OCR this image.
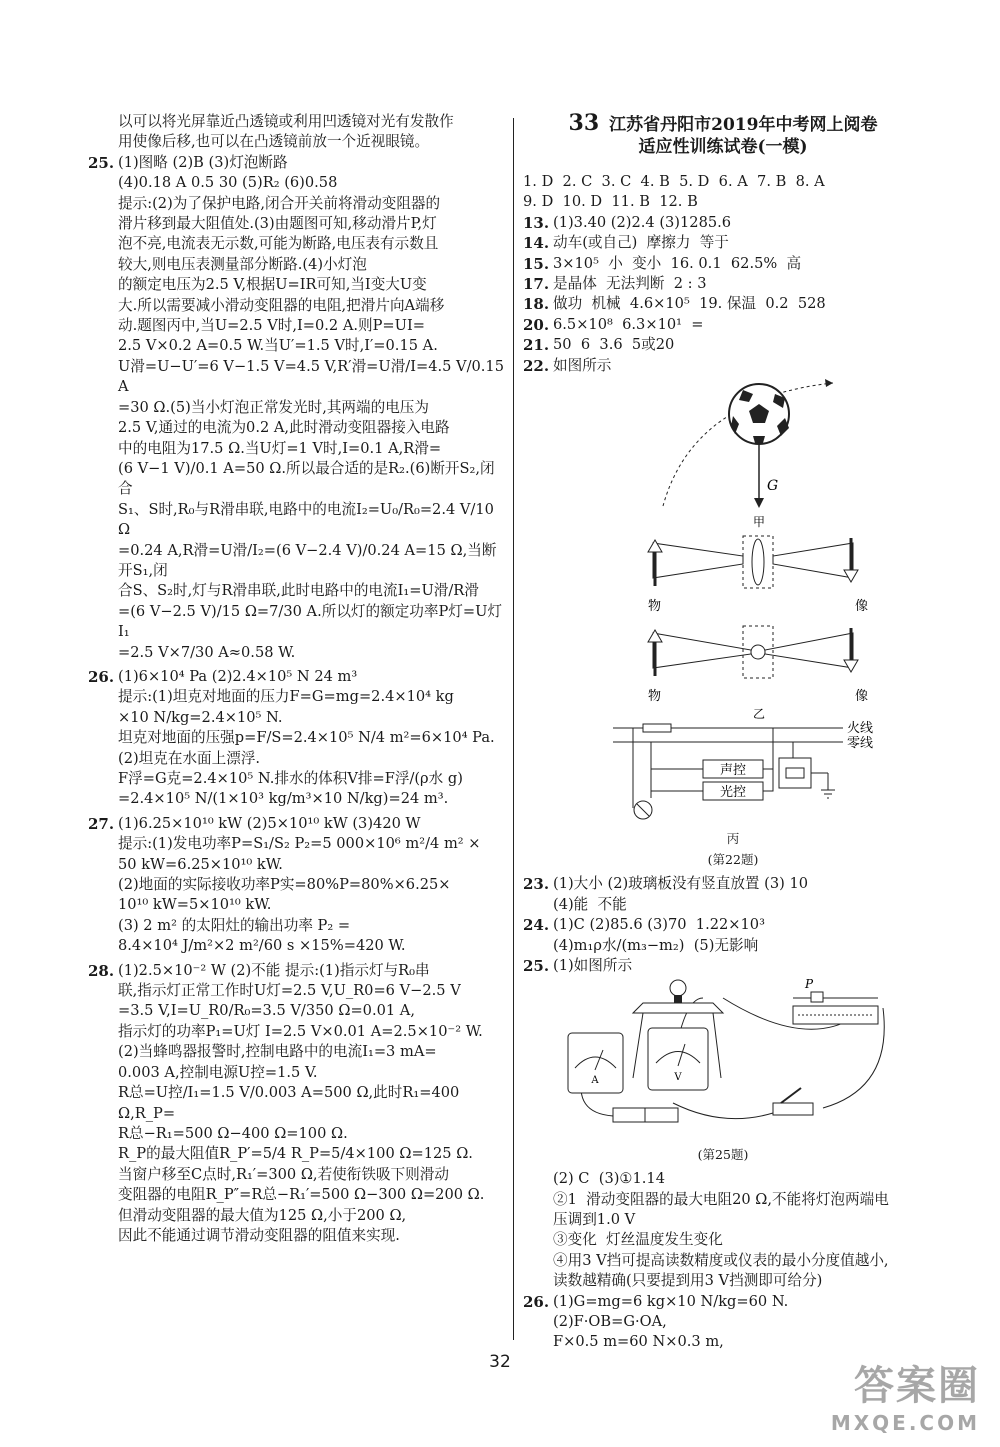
以可以将光屏靠近凸透镜或利用凹透镜对光有发散作
用使像后移,也可以在凸透镜前放一个近视眼镜。
25. (1)图略 (2)B (3)灯泡断路
(4)0.18 A 0.5 30 (5)R₂ (6)0.58
提示:(2)为了保护电路,闭合开关前将滑动变阻器的
滑片移到最大阻值处.(3)由题图可知,移动滑片P,灯
泡不亮,电流表无示数,可能为断路,电压表有示数且
较大,则电压表测量部分断路.(4)小灯泡
的额定电压为2.5 V,根据U=IR可知,当I变大U变
大.所以需要减小滑动变阻器的电阻,把滑片向A端移
动.题图丙中,当U=2.5 V时,I=0.2 A.则P=UI=
2.5 V×0.2 A=0.5 W.当U′=1.5 V时,I′=0.15 A.
U滑=U−U′=6 V−1.5 V=4.5 V,R′滑=U滑/I=4.5 V/0.15 A
=30 Ω.(5)当小灯泡正常发光时,其两端的电压为
2.5 V,通过的电流为0.2 A,此时滑动变阻器接入电路
中的电阻为17.5 Ω.当U灯=1 V时,I=0.1 A,R滑=
(6 V−1 V)/0.1 A=50 Ω.所以最合适的是R₂.(6)断开S₂,闭合
S₁、S时,R₀与R滑串联,电路中的电流I₂=U₀/R₀=2.4 V/10 Ω
=0.24 A,R滑=U滑/I₂=(6 V−2.4 V)/0.24 A=15 Ω,当断开S₁,闭
合S、S₂时,灯与R滑串联,此时电路中的电流I₁=U滑/R滑
=(6 V−2.5 V)/15 Ω=7/30 A.所以灯的额定功率P灯=U灯I₁
=2.5 V×7/30 A≈0.58 W.
26. (1)6×10⁴ Pa (2)2.4×10⁵ N 24 m³
提示:(1)坦克对地面的压力F=G=mg=2.4×10⁴ kg
×10 N/kg=2.4×10⁵ N.
坦克对地面的压强p=F/S=2.4×10⁵ N/4 m²=6×10⁴ Pa.
(2)坦克在水面上漂浮.
F浮=G克=2.4×10⁵ N.排水的体积V排=F浮/(ρ水 g)
=2.4×10⁵ N/(1×10³ kg/m³×10 N/kg)=24 m³.
27. (1)6.25×10¹⁰ kW (2)5×10¹⁰ kW (3)420 W
提示:(1)发电功率P=S₁/S₂ P₂=5 000×10⁶ m²/4 m² ×
50 kW=6.25×10¹⁰ kW.
(2)地面的实际接收功率P实=80%P=80%×6.25×
10¹⁰ kW=5×10¹⁰ kW.
(3) 2 m² 的太阳灶的输出功率 P₂ =
8.4×10⁴ J/m²×2 m²/60 s ×15%=420 W.
28. (1)2.5×10⁻² W (2)不能 提示:(1)指示灯与R₀串
联,指示灯正常工作时U灯=2.5 V,U_R0=6 V−2.5 V
=3.5 V,I=U_R0/R₀=3.5 V/350 Ω=0.01 A,
指示灯的功率P₁=U灯 I=2.5 V×0.01 A=2.5×10⁻² W.
(2)当蜂鸣器报警时,控制电路中的电流I₁=3 mA=
0.003 A,控制电源U控=1.5 V.
R总=U控/I₁=1.5 V/0.003 A=500 Ω,此时R₁=400 Ω,R_P=
R总−R₁=500 Ω−400 Ω=100 Ω.
R_P的最大阻值R_P′=5/4 R_P=5/4×100 Ω=125 Ω.
当窗户移至C点时,R₁′=300 Ω,若使衔铁吸下则滑动
变阻器的电阻R_P″=R总−R₁′=500 Ω−300 Ω=200 Ω.
但滑动变阻器的最大值为125 Ω,小于200 Ω,
因此不能通过调节滑动变阻器的阻值来实现.
33 江苏省丹阳市2019年中考网上阅卷
适应性训练试卷(一模)
1. D  2. C  3. C  4. B  5. D  6. A  7. B  8. A
9. D  10. D  11. B  12. B
13. (1)3.40 (2)2.4 (3)1285.6
14. 动车(或自己)  摩擦力  等于
15. 3×10⁵  小  变小  16. 0.1  62.5%  高
17. 是晶体  无法判断  2 : 3
18. 做功  机械  4.6×10⁵  19. 保温  0.2  528
20. 6.5×10⁸  6.3×10¹  =
21. 50  6  3.6  5或20
22. 如图所示
G
甲
物	像
物	像
乙
火线
零线
声控
光控
丙
(第22题)
23. (1)大小 (2)玻璃板没有竖直放置 (3) 10
(4)能  不能
24. (1)C (2)85.6 (3)70  1.22×10³
(4)m₁ρ水/(m₃−m₂)  (5)无影响
25. (1)如图所示
A	V
P
(第25题)
(2) C  (3)①1.14
②1  滑动变阻器的最大电阻20 Ω,不能将灯泡两端电
压调到1.0 V
③变化  灯丝温度发生变化
④用3 V挡可提高读数精度或仪表的最小分度值越小,
读数越精确(只要提到用3 V挡测即可给分)
26. (1)G=mg=6 kg×10 N/kg=60 N.
(2)F·OB=G·OA,
F×0.5 m=60 N×0.3 m,
32
答案圈
MXQE.COM
